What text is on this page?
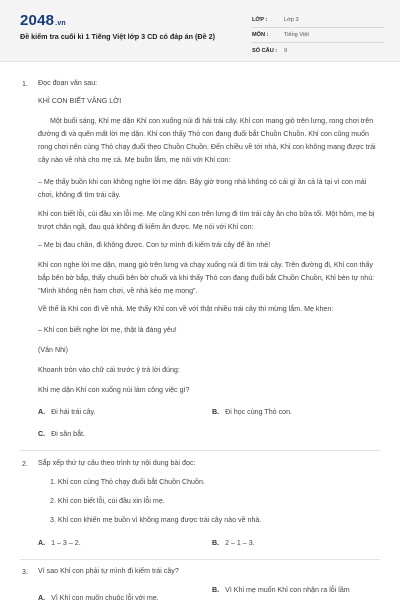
2048.vn
Đề kiểm tra cuối kì 1 Tiếng Việt lớp 3 CD có đáp án (Đề 2)
LỚP :	Lớp 3
MÔN :	Tiếng Việt
SỐ CÂU :	9
1. Đọc đoạn văn sau:
KHỈ CON BIẾT VÂNG LỜI
Một buổi sáng, Khỉ mẹ dặn Khỉ con xuống núi đi hái trái cây. Khỉ con mang giỏ trên lưng, rong chơi trên đường đi và quên mất lời mẹ dặn. Khỉ con thấy Thỏ con đang đuổi bắt Chuồn Chuồn. Khỉ con cũng muốn rong chơi nên cùng Thỏ chạy đuổi theo Chuồn Chuồn. Đến chiều về tới nhà, Khỉ con không mang được trái cây nào về nhà cho mẹ cả. Mẹ buồn lắm, mẹ nói với Khỉ con:
– Mẹ thấy buồn khi con không nghe lời mẹ dặn. Bây giờ trong nhà không có cái gì ăn cả là tại vì con mải chơi, không đi tìm trái cây.
Khỉ con biết lỗi, cúi đầu xin lỗi mẹ. Mẹ cũng Khỉ con trên lưng đi tìm trái cây ăn cho bữa tối. Một hôm, mẹ bị trượt chân ngã, đau quá không đi kiếm ăn được. Mẹ nói với Khỉ con:
– Mẹ bị đau chân, đi không được. Con tự mình đi kiếm trái cây để ăn nhé!
Khỉ con nghe lời mẹ dặn, mang giỏ trên lưng và chạy xuống núi đi tìm trái cây. Trên đường đi, Khỉ con thấy bắp bên bờ bắp, thấy chuối bên bờ chuối và khi thấy Thỏ con đang đuổi bắt Chuồn Chuồn, Khỉ bèn tự nhủ: "Mình không nên ham chơi, về nhà kẻo mẹ mong".
Về thế là Khỉ con đi về nhà. Mẹ thấy Khỉ con về với thật nhiều trái cây thì mừng lắm. Mẹ khen:
– Khỉ con biết nghe lời mẹ, thật là đáng yêu!
(Vân Nhi)
Khoanh tròn vào chữ cái trước ý trả lời đúng:
Khỉ mẹ dặn Khỉ con xuống núi làm công việc gì?
A. Đi hái trái cây.	B. Đi học cùng Thỏ con.
C. Đi săn bắt.
2. Sắp xếp thứ tự câu theo trình tự nội dung bài đọc:
1. Khỉ con cùng Thỏ chạy đuổi bắt Chuồn Chuồn.
2. Khỉ con biết lỗi, cúi đầu xin lỗi mẹ.
3. Khỉ con khiến mẹ buồn vì không mang được trái cây nào về nhà.
A. 1 – 3 – 2.	B. 2 – 1 – 3.
3. Vì sao Khỉ con phải tự mình đi kiếm trái cây?
A. Vì Khỉ con muốn chuộc lỗi với mẹ.
B. Vì Khỉ mẹ muốn Khỉ con nhận ra lỗi lầm
